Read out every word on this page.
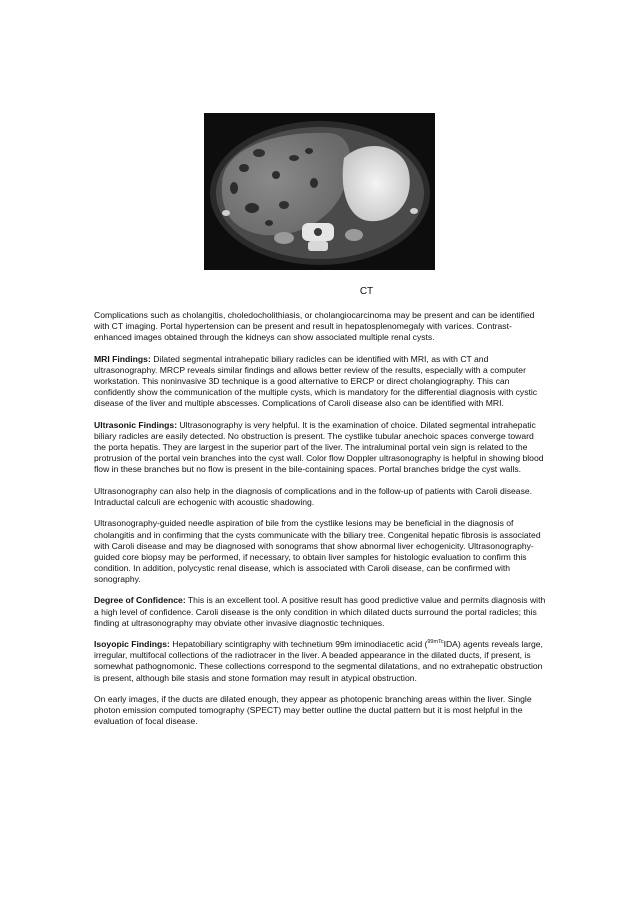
CT

Complications such as cholangitis, choledocholithiasis, or cholangiocarcinoma may be present and can be identified with CT imaging. Portal hypertension can be present and result in hepatosplenomegaly with varices. Contrast-enhanced images obtained through the kidneys can show associated multiple renal cysts.

MRI Findings: Dilated segmental intrahepatic biliary radicles can be identified with MRI, as with CT and ultrasonography. MRCP reveals similar findings and allows better review of the results, especially with a computer workstation. This noninvasive 3D technique is a good alternative to ERCP or direct cholangiography. This can confidently show the communication of the multiple cysts, which is mandatory for the differential diagnosis with cystic disease of the liver and multiple abscesses. Complications of Caroli disease also can be identified with MRI.

Ultrasonic Findings: Ultrasonography is very helpful. It is the examination of choice. Dilated segmental intrahepatic biliary radicles are easily detected. No obstruction is present. The cystlike tubular anechoic spaces converge toward the porta hepatis. They are largest in the superior part of the liver. The intraluminal portal vein sign is related to the protrusion of the portal vein branches into the cyst wall. Color flow Doppler ultrasonography is helpful in showing blood flow in these branches but no flow is present in the bile-containing spaces. Portal branches bridge the cyst walls.

Ultrasonography can also help in the diagnosis of complications and in the follow-up of patients with Caroli disease. Intraductal calculi are echogenic with acoustic shadowing.

Ultrasonography-guided needle aspiration of bile from the cystlike lesions may be beneficial in the diagnosis of cholangitis and in confirming that the cysts communicate with the biliary tree. Congenital hepatic fibrosis is associated with Caroli disease and may be diagnosed with sonograms that show abnormal liver echogenicity. Ultrasonography-guided core biopsy may be performed, if necessary, to obtain liver samples for histologic evaluation to confirm this condition. In addition, polycystic renal disease, which is associated with Caroli disease, can be confirmed with sonography.

Degree of Confidence: This is an excellent tool. A positive result has good predictive value and permits diagnosis with a high level of confidence. Caroli disease is the only condition in which dilated ducts surround the portal radicles; this finding at ultrasonography may obviate other invasive diagnostic techniques.

Isoyopic Findings: Hepatobiliary scintigraphy with technetium 99m iminodiacetic acid ($^{99mTc}$IDA) agents reveals large, irregular, multifocal collections of the radiotracer in the liver. A beaded appearance in the dilated ducts, if present, is somewhat pathognomonic. These collections correspond to the segmental dilatations, and no extrahepatic obstruction is present, although bile stasis and stone formation may result in atypical obstruction.

On early images, if the ducts are dilated enough, they appear as photopenic branching areas within the liver. Single photon emission computed tomography (SPECT) may better outline the ductal pattern but it is most helpful in the evaluation of focal disease.
